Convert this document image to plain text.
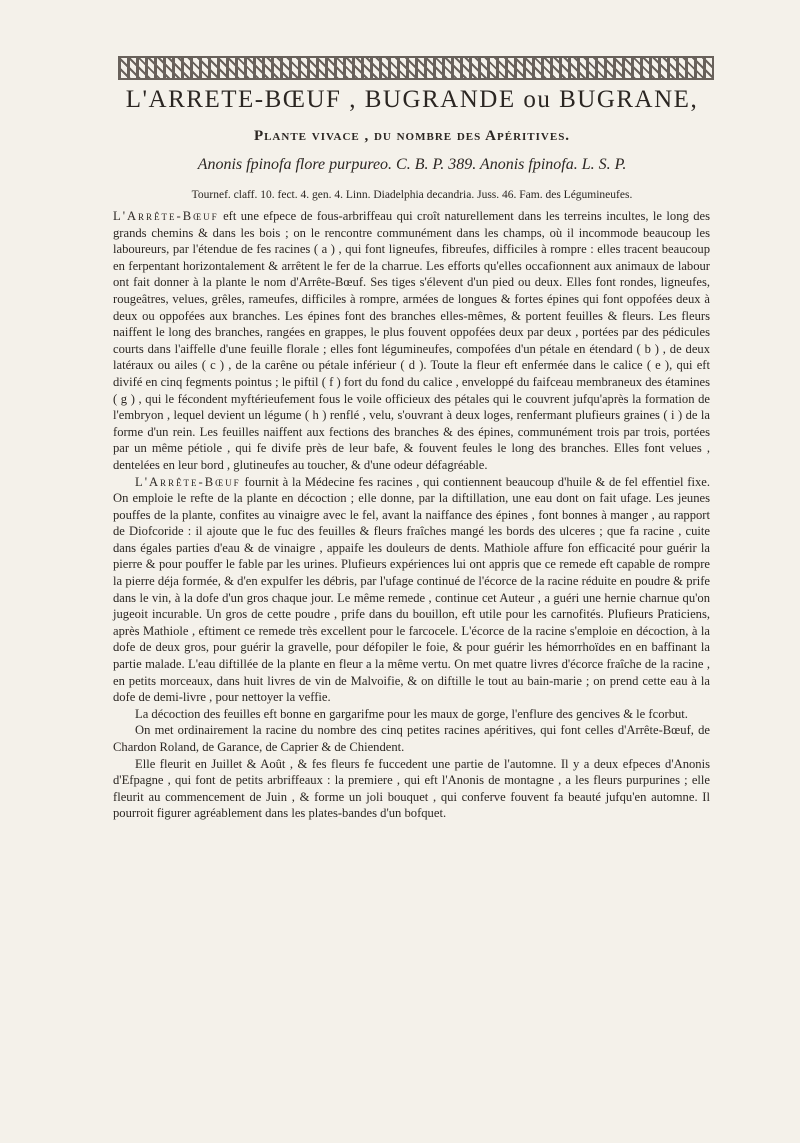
L'ARRETE-BŒUF , BUGRANDE ou BUGRANE,
Plante vivace , du nombre des Apéritives.

Anonis fpinofa flore purpureo. C. B. P. 389. Anonis fpinofa. L. S. P.

Tournef. claff. 10. fect. 4. gen. 4. Linn. Diadelphia decandria. Juss. 46. Fam. des Légumineufes.

L'Arrête-Bœuf eft une efpece de fous-arbriffeau qui croît naturellement dans les terreins incultes, le long des grands chemins & dans les bois ; on le rencontre communément dans les champs, où il incommode beaucoup les laboureurs, par l'étendue de fes racines ( a ) , qui font ligneufes, fibreufes, difficiles à rompre : elles tracent beaucoup en ferpentant horizontalement & arrêtent le fer de la charrue. Les efforts qu'elles occafionnent aux animaux de labour ont fait donner à la plante le nom d'Arrête-Bœuf. Ses tiges s'élevent d'un pied ou deux. Elles font rondes, ligneufes, rougeâtres, velues, grêles, rameufes, difficiles à rompre, armées de longues & fortes épines qui font oppofées deux à deux ou oppofées aux branches. Les épines font des branches elles-mêmes, & portent feuilles & fleurs. Les fleurs naiffent le long des branches, rangées en grappes, le plus fouvent oppofées deux par deux , portées par des pédicules courts dans l'aiffelle d'une feuille florale ; elles font légumineufes, compofées d'un pétale en étendard ( b ) , de deux latéraux ou ailes ( c ) , de la carêne ou pétale inférieur ( d ). Toute la fleur eft enfermée dans le calice ( e ), qui eft divifé en cinq fegments pointus ; le piftil ( f ) fort du fond du calice , enveloppé du faifceau membraneux des étamines ( g ) , qui le fécondent myftérieufement fous le voile officieux des pétales qui le couvrent jufqu'après la formation de l'embryon , lequel devient un légume ( h ) renflé , velu, s'ouvrant à deux loges, renfermant plufieurs graines ( i ) de la forme d'un rein. Les feuilles naiffent aux fections des branches & des épines, communément trois par trois, portées par un même pétiole , qui fe divife près de leur bafe, & fouvent feules le long des branches. Elles font velues , dentelées en leur bord , glutineufes au toucher, & d'une odeur défagréable.

L'Arrête-Bœuf fournit à la Médecine fes racines , qui contiennent beaucoup d'huile & de fel effentiel fixe. On emploie le refte de la plante en décoction ; elle donne, par la diftillation, une eau dont on fait ufage. Les jeunes pouffes de la plante, confites au vinaigre avec le fel, avant la naiffance des épines , font bonnes à manger , au rapport de Diofcoride : il ajoute que le fuc des feuilles & fleurs fraîches mangé les bords des ulceres ; que fa racine , cuite dans égales parties d'eau & de vinaigre , appaife les douleurs de dents. Mathiole affure fon efficacité pour guérir la pierre & pour pouffer le fable par les urines. Plufieurs expériences lui ont appris que ce remede eft capable de rompre la pierre déja formée, & d'en expulfer les débris, par l'ufage continué de l'écorce de la racine réduite en poudre & prife dans le vin, à la dofe d'un gros chaque jour. Le même remede , continue cet Auteur , a guéri une hernie charnue qu'on jugeoit incurable. Un gros de cette poudre , prife dans du bouillon, eft utile pour les carnofités. Plufieurs Praticiens, après Mathiole , eftiment ce remede très excellent pour le farcocele. L'écorce de la racine s'emploie en décoction, à la dofe de deux gros, pour guérir la gravelle, pour défopiler le foie, & pour guérir les hémorrhoïdes en en baffinant la partie malade. L'eau diftillée de la plante en fleur a la même vertu. On met quatre livres d'écorce fraîche de la racine , en petits morceaux, dans huit livres de vin de Malvoifie, & on diftille le tout au bain-marie ; on prend cette eau à la dofe de demi-livre , pour nettoyer la veffie.

La décoction des feuilles eft bonne en gargarifme pour les maux de gorge, l'enflure des gencives & le fcorbut.

On met ordinairement la racine du nombre des cinq petites racines apéritives, qui font celles d'Arrête-Bœuf, de Chardon Roland, de Garance, de Caprier & de Chiendent.

Elle fleurit en Juillet & Août , & fes fleurs fe fuccedent une partie de l'automne. Il y a deux efpeces d'Anonis d'Efpagne , qui font de petits arbriffeaux : la premiere , qui eft l'Anonis de montagne , a les fleurs purpurines ; elle fleurit au commencement de Juin , & forme un joli bouquet , qui conferve fouvent fa beauté jufqu'en automne. Il pourroit figurer agréablement dans les plates-bandes d'un bofquet.
